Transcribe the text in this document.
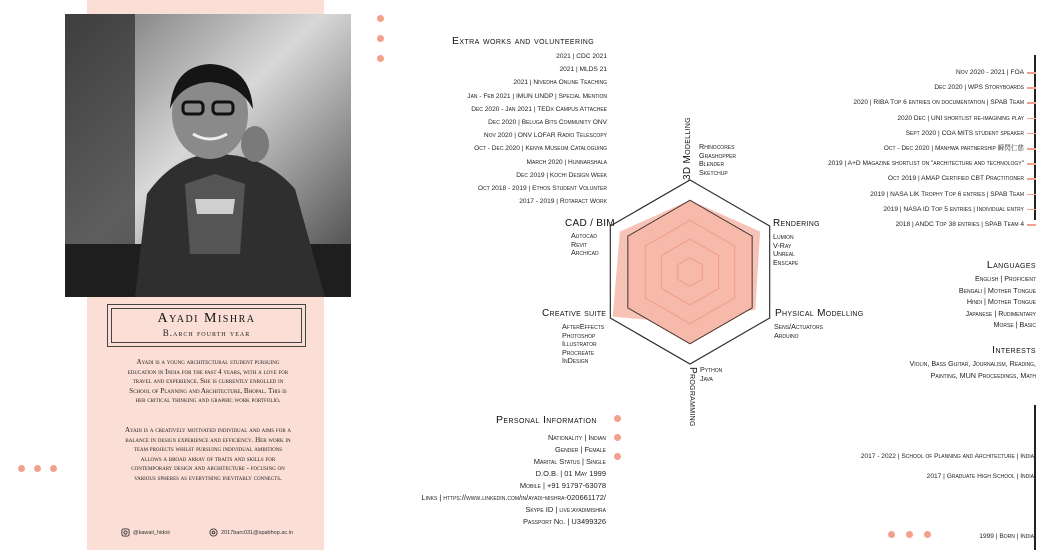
Ayadi Mishra
B.arch fourth year
Ayadi is a young architectural student pursuing education in India for the past 4 years, with a love for travel and experience. She is currently enrolled in School of Planning and Architecture, Bhopal. This is her critical thinking and graphic work portfolio.
Ayadi is a creatively motivated individual and aims for a balance in design experience and efficiency. Her work in team projects whilst pursuing individual ambitions allows a broad array of traits and skills for contemporary design and architecture - focusing on various spheres as everything inevitably connects.
@kawaii_hidoii	2017barc031@spabhop.ac.in
Extra works and volunteering
2021 | CDC 2021
2021 | MLDS 21
2021 | Nivedha Online Teaching
Jan - Feb 2021 | IMUN UNDP | Special Mention
Dec 2020 - Jan 2021 | TEDx Campus Attachee
Dec 2020 | Beluga Bits Community ONV
Nov 2020 | ONV LOFAR Radio Telescopy
Oct - Dec 2020 | Kenya Museum Cataloguing
March 2020 | Hunnarshala
Dec 2019 | Kochi Design Week
Oct 2018 - 2019 | Ethos Student Volunter
2017 - 2019 | Rotaract Work
Nov 2020 - 2021 | FOA
Dec 2020 | WPS Storyboards
2020 | RIBA Top 6 entries on documentation | SPAB Team
2020 Dec | UNI shortlist re-imagining play
Sept 2020 | COA MITS student speaker
Oct - Dec 2020 | Manhwa partnership 瞬閃仁慈
2019 | A+D Magazine shortlist on "architecture and technology"
Oct 2019 | AMAP Certified CBT Practitioner
2019 | NASA LIK Trophy Top 6 entries | SPAB Team
2019 | NASA ID Top 5 entries | Individual entry
2018 | ANDC Top 38 entries | SPAB Team 4
Languages
English | Proficient
Bengali | Mother Tongue
Hindi | Mother Tongue
Japanese | Rudimentary
Morse | Basic
Interests
Violin, Bass Guitar, Journalism, Reading,
Painting, MUN Proceedings, Math
2017 - 2022 | School of Planning and Architecture | India
2017 | Graduate High School | India
1999 | Born | India
Personal Information
Nationality | Indian
Gender | Female
Marital Status | Single
D.O.B. | 01 May 1999
Mobile | +91 91797-63078
Links | https://www.linkedin.com/in/ayadi-mishra-020661172/
Skype ID | live:ayadimishra
Passport No. | U3499326
3D Modelling Rhinocores
Grashopper
Blender
Sketchup
CAD / BIM
Autocad
Revit
Archicad
Rendering
Lumion
V-Ray
Unreal
Enscape
Creative suite
AfterEffects
Photoshop
Illustrator
Procreate
InDesign
Physical Modelling
Sens/Actuators
Arduino
Programming Python
Java
